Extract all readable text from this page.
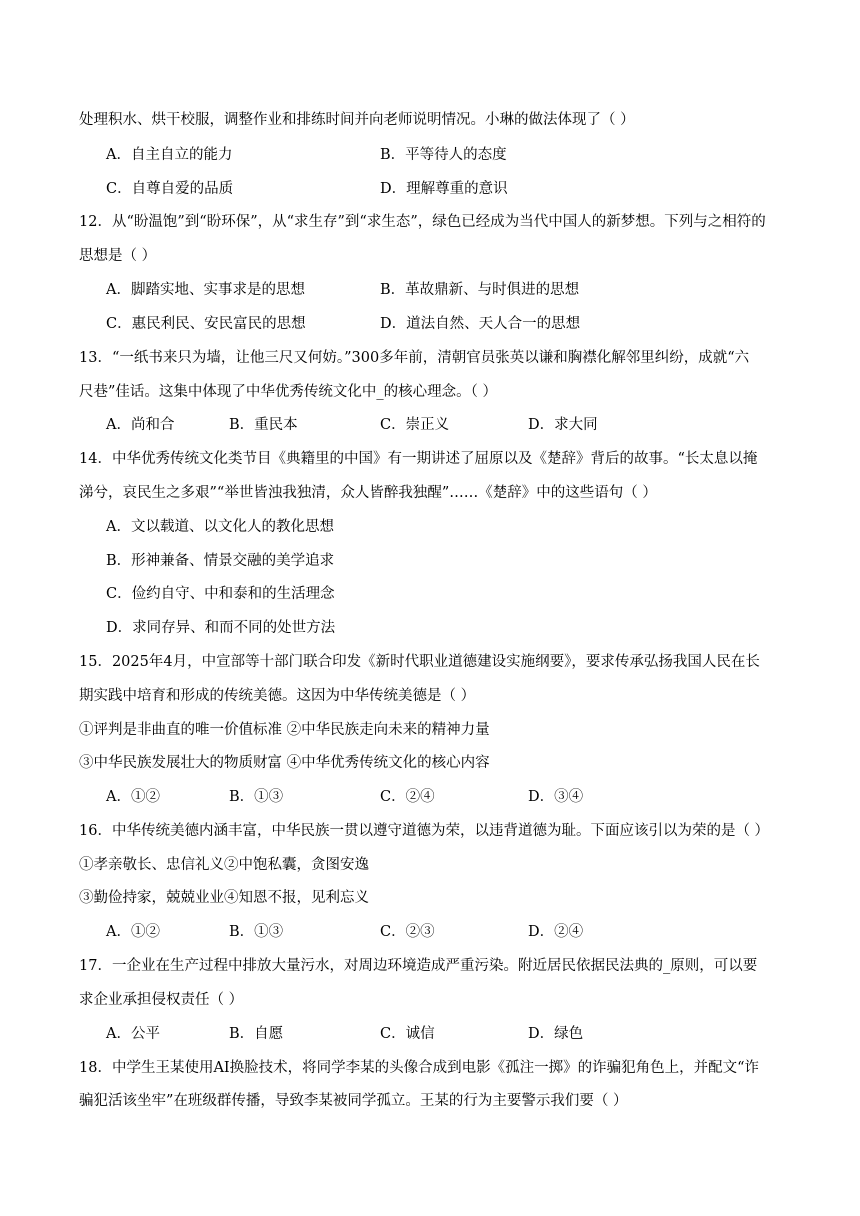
处理积水、烘干校服，调整作业和排练时间并向老师说明情况。小琳的做法体现了（ ）
A．自主自立的能力	B．平等待人的态度
C．自尊自爱的品质	D．理解尊重的意识
12．从“盼温饱”到“盼环保”，从“求生存”到“求生态”，绿色已经成为当代中国人的新梦想。下列与之相符的
思想是（ ）
A．脚踏实地、实事求是的思想	B．革故鼎新、与时俱进的思想
C．惠民利民、安民富民的思想	D．道法自然、天人合一的思想
13．“一纸书来只为墙，让他三尺又何妨。”300多年前，清朝官员张英以谦和胸襟化解邻里纠纷，成就“六
尺巷”佳话。这集中体现了中华优秀传统文化中_的核心理念。（ ）
A．尚和合	B．重民本	C．崇正义	D．求大同
14．中华优秀传统文化类节目《典籍里的中国》有一期讲述了屈原以及《楚辞》背后的故事。“长太息以掩
涕兮，哀民生之多艰”“举世皆浊我独清，众人皆醉我独醒”……《楚辞》中的这些语句（ ）
A．文以载道、以文化人的教化思想
B．形神兼备、情景交融的美学追求
C．俭约自守、中和泰和的生活理念
D．求同存异、和而不同的处世方法
15．2025年4月，中宣部等十部门联合印发《新时代职业道德建设实施纲要》，要求传承弘扬我国人民在长
期实践中培育和形成的传统美德。这因为中华传统美德是（ ）
①评判是非曲直的唯一价值标准 ②中华民族走向未来的精神力量
③中华民族发展壮大的物质财富 ④中华优秀传统文化的核心内容
A．①②	B．①③	C．②④	D．③④
16．中华传统美德内涵丰富，中华民族一贯以遵守道德为荣，以违背道德为耻。下面应该引以为荣的是（ ）
①孝亲敬长、忠信礼义②中饱私囊，贪图安逸
③勤俭持家，兢兢业业④知恩不报，见利忘义
A．①②	B．①③	C．②③	D．②④
17．一企业在生产过程中排放大量污水，对周边环境造成严重污染。附近居民依据民法典的_原则，可以要
求企业承担侵权责任（ ）
A．公平	B．自愿	C．诚信	D．绿色
18．中学生王某使用AI换脸技术，将同学李某的头像合成到电影《孤注一掷》的诈骗犯角色上，并配文“诈
骗犯活该坐牢”在班级群传播，导致李某被同学孤立。王某的行为主要警示我们要（ ）
